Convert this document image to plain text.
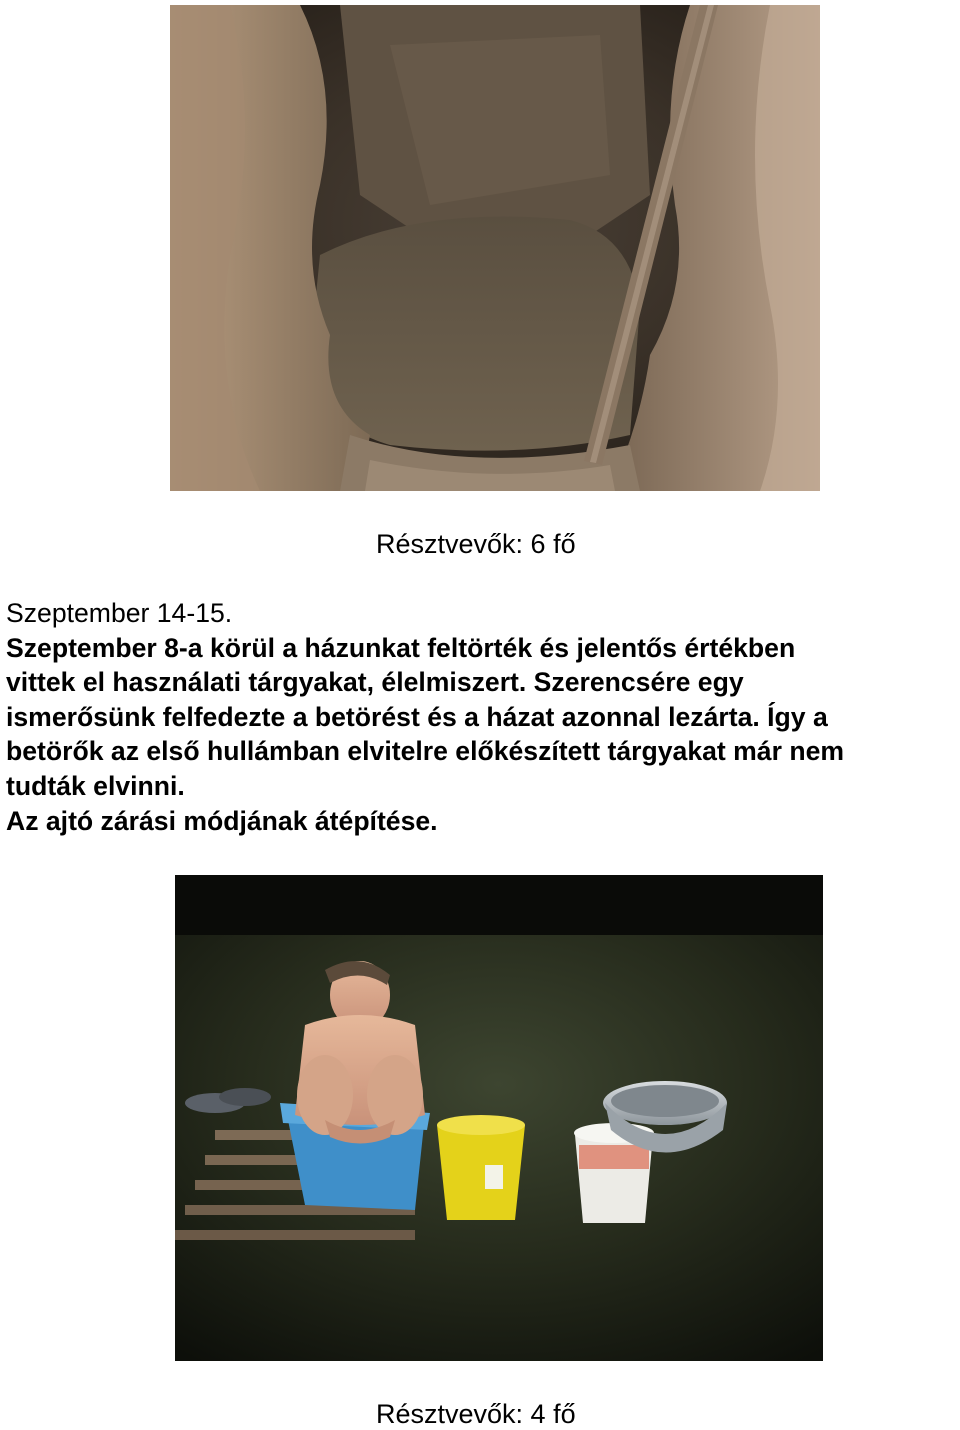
Résztvevők: 6 fő
Szeptember 14-15.
Szeptember 8-a körül a házunkat feltörték és jelentős értékben
vittek el használati tárgyakat, élelmiszert. Szerencsére egy
ismerősünk felfedezte a betörést és a házat azonnal lezárta. Így a
betörők az első hullámban elvitelre előkészített tárgyakat már nem
tudták elvinni.
Az ajtó zárási módjának átépítése.
Résztvevők: 4 fő
